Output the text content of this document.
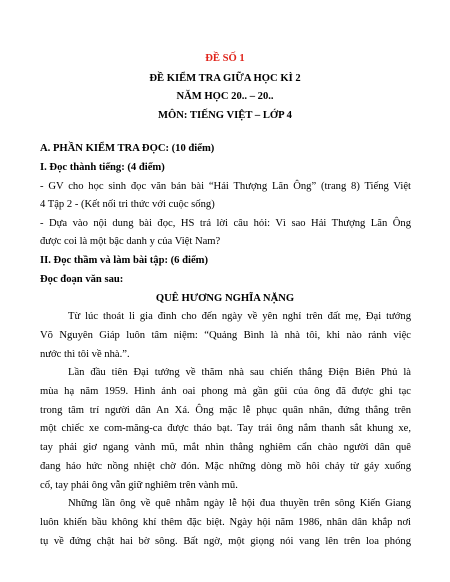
ĐỀ SỐ 1
ĐỀ KIỂM TRA GIỮA HỌC KÌ 2
NĂM HỌC 20.. – 20..
MÔN: TIẾNG VIỆT – LỚP 4
A. PHẦN KIỂM TRA ĐỌC: (10 điểm)
I. Đọc thành tiếng: (4 điểm)
- GV cho học sinh đọc văn bản bài “Hải Thượng Lãn Ông” (trang 8) Tiếng Việt
4 Tập 2 - (Kết nối tri thức với cuộc sống)
- Dựa vào nội dung bài đọc, HS trả lời câu hỏi: Vì sao Hải Thượng Lãn Ông
được coi là một bậc danh y của Việt Nam?
II. Đọc thầm và làm bài tập: (6 điểm)
Đọc đoạn văn sau:
QUÊ HƯƠNG NGHĨA NẶNG
Từ lúc thoát li gia đình cho đến ngày về yên nghỉ trên đất mẹ, Đại tướng
Võ Nguyên Giáp luôn tâm niệm: “Quảng Bình là nhà tôi, khi nào rảnh việc
nước thì tôi về nhà.”.
Lần đầu tiên Đại tướng về thăm nhà sau chiến thắng Điện Biên Phủ là
mùa hạ năm 1959. Hình ảnh oai phong mà gần gũi của ông đã được ghi tạc
trong tâm trí người dân An Xá. Ông mặc lễ phục quân nhân, đứng thẳng trên
một chiếc xe com-măng-ca được tháo bạt. Tay trái ông nắm thanh sắt khung xe,
tay phải giơ ngang vành mũ, mắt nhìn thẳng nghiêm cẩn chào người dân quê
đang háo hức nồng nhiệt chờ đón. Mặc những dòng mồ hôi chảy từ gáy xuống
cổ, tay phải ông vẫn giữ nghiêm trên vành mũ.
Những lần ông về quê nhằm ngày lễ hội đua thuyền trên sông Kiến Giang
luôn khiến bầu không khí thêm đặc biệt. Ngày hội năm 1986, nhân dân khắp nơi
tụ về đứng chật hai bờ sông. Bất ngờ, một giọng nói vang lên trên loa phóng
